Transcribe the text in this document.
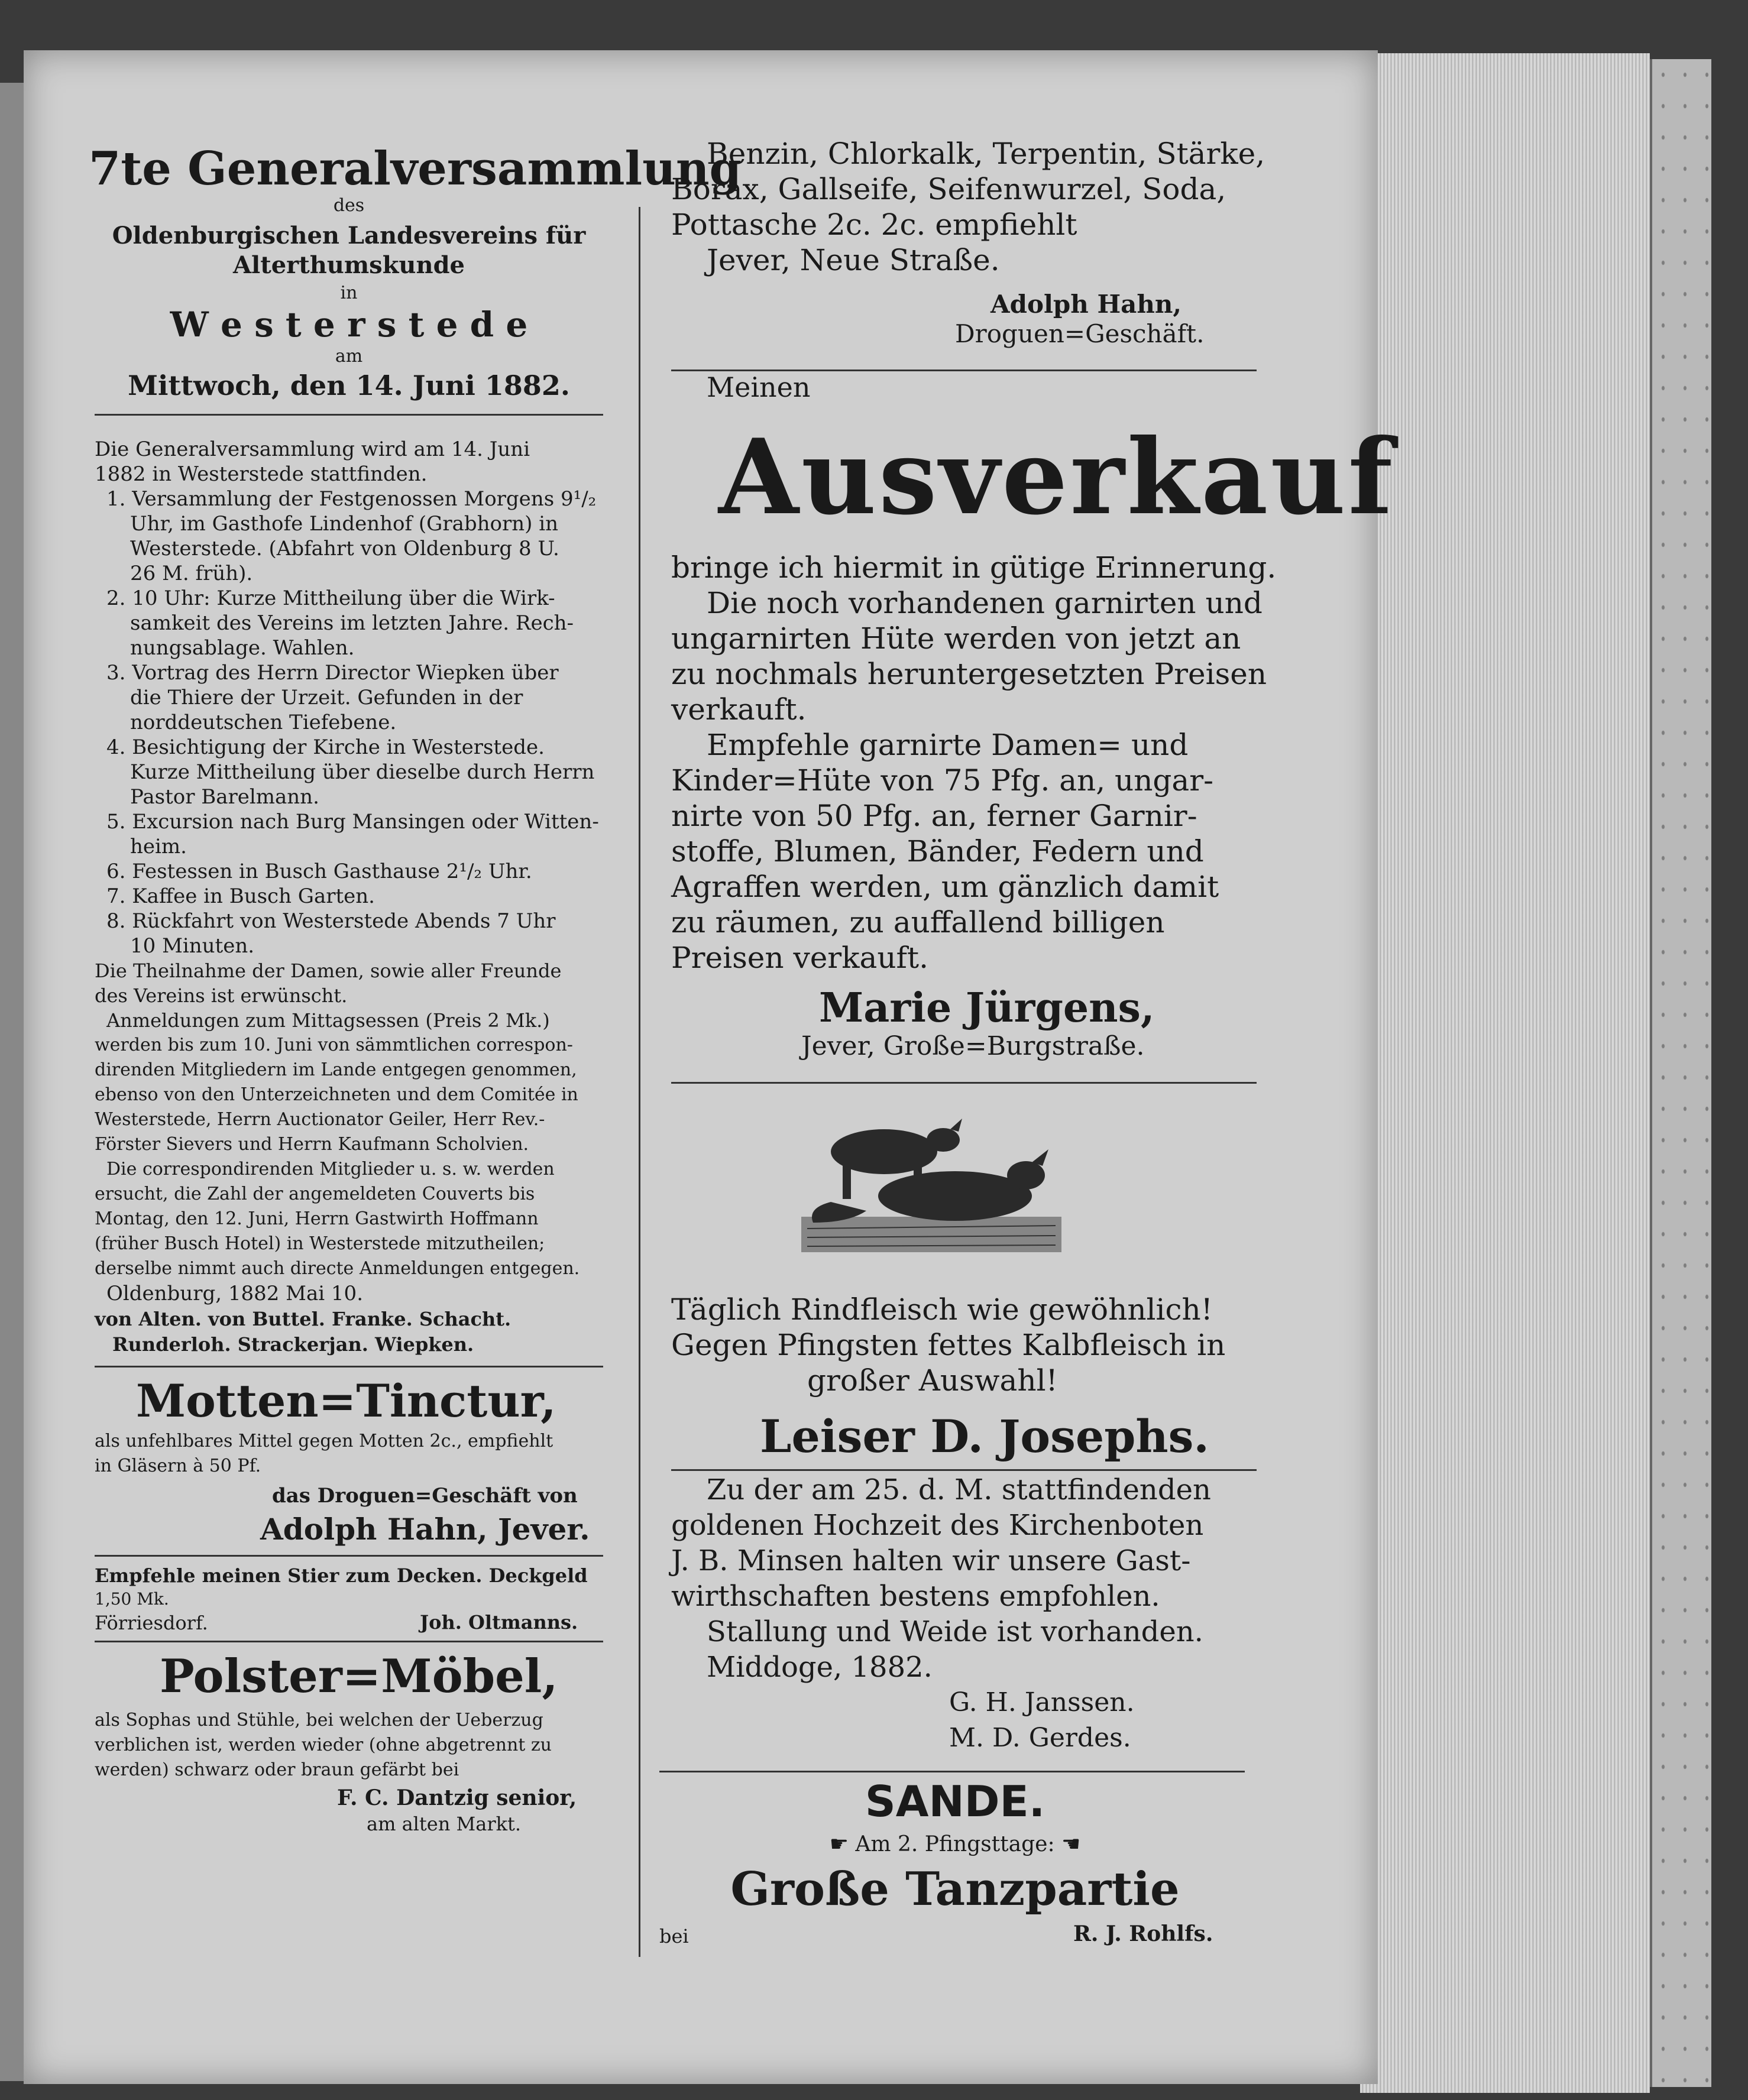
7te Generalversammlung
des
Oldenburgischen Landesvereins für
Alterthumskunde
in
W e s t e r s t e d e
am
Mittwoch, den 14. Juni 1882.
Die Generalversammlung wird am 14. Juni
1882 in Westerstede stattfinden.
1. Versammlung der Festgenossen Morgens 9¹/₂
Uhr, im Gasthofe Lindenhof (Grabhorn) in
Westerstede. (Abfahrt von Oldenburg 8 U.
26 M. früh).
2. 10 Uhr: Kurze Mittheilung über die Wirk-
samkeit des Vereins im letzten Jahre. Rech-
nungsablage. Wahlen.
3. Vortrag des Herrn Director Wiepken über
die Thiere der Urzeit. Gefunden in der
norddeutschen Tiefebene.
4. Besichtigung der Kirche in Westerstede.
Kurze Mittheilung über dieselbe durch Herrn
Pastor Barelmann.
5. Excursion nach Burg Mansingen oder Witten-
heim.
6. Festessen in Busch Gasthause 2¹/₂ Uhr.
7. Kaffee in Busch Garten.
8. Rückfahrt von Westerstede Abends 7 Uhr
10 Minuten.
Die Theilnahme der Damen, sowie aller Freunde
des Vereins ist erwünscht.
Anmeldungen zum Mittagsessen (Preis 2 Mk.)
werden bis zum 10. Juni von sämmtlichen correspon-
direnden Mitgliedern im Lande entgegen genommen,
ebenso von den Unterzeichneten und dem Comitée in
Westerstede, Herrn Auctionator Geiler, Herr Rev.-
Förster Sievers und Herrn Kaufmann Scholvien.
Die correspondirenden Mitglieder u. s. w. werden
ersucht, die Zahl der angemeldeten Couverts bis
Montag, den 12. Juni, Herrn Gastwirth Hoffmann
(früher Busch Hotel) in Westerstede mitzutheilen;
derselbe nimmt auch directe Anmeldungen entgegen.
Oldenburg, 1882 Mai 10.
von Alten. von Buttel. Franke. Schacht.
Runderloh. Strackerjan. Wiepken.
Motten=Tinctur,
als unfehlbares Mittel gegen Motten 2c., empfiehlt
in Gläsern à 50 Pf.
das Droguen=Geschäft von
Adolph Hahn, Jever.
Empfehle meinen Stier zum Decken. Deckgeld
1,50 Mk.
Förriesdorf.	Joh. Oltmanns.
Polster=Möbel,
als Sophas und Stühle, bei welchen der Ueberzug
verblichen ist, werden wieder (ohne abgetrennt zu
werden) schwarz oder braun gefärbt bei
F. C. Dantzig senior,
am alten Markt.
Benzin, Chlorkalk, Terpentin, Stärke,
Borax, Gallseife, Seifenwurzel, Soda,
Pottasche 2c. 2c. empfiehlt
Jever, Neue Straße.
Adolph Hahn,
Droguen=Geschäft.
Meinen
Ausverkauf
bringe ich hiermit in gütige Erinnerung.
Die noch vorhandenen garnirten und
ungarnirten Hüte werden von jetzt an
zu nochmals heruntergesetzten Preisen
verkauft.
Empfehle garnirte Damen= und
Kinder=Hüte von 75 Pfg. an, ungar-
nirte von 50 Pfg. an, ferner Garnir-
stoffe, Blumen, Bänder, Federn und
Agraffen werden, um gänzlich damit
zu räumen, zu auffallend billigen
Preisen verkauft.
Marie Jürgens,
Jever, Große=Burgstraße.
Täglich Rindfleisch wie gewöhnlich!
Gegen Pfingsten fettes Kalbfleisch in
großer Auswahl!
Leiser D. Josephs.
Zu der am 25. d. M. stattfindenden
goldenen Hochzeit des Kirchenboten
J. B. Minsen halten wir unsere Gast-
wirthschaften bestens empfohlen.
Stallung und Weide ist vorhanden.
Middoge, 1882.
G. H. Janssen.
M. D. Gerdes.
SANDE.
☛ Am 2. Pfingsttage: ☚
Große Tanzpartie
bei	R. J. Rohlfs.
